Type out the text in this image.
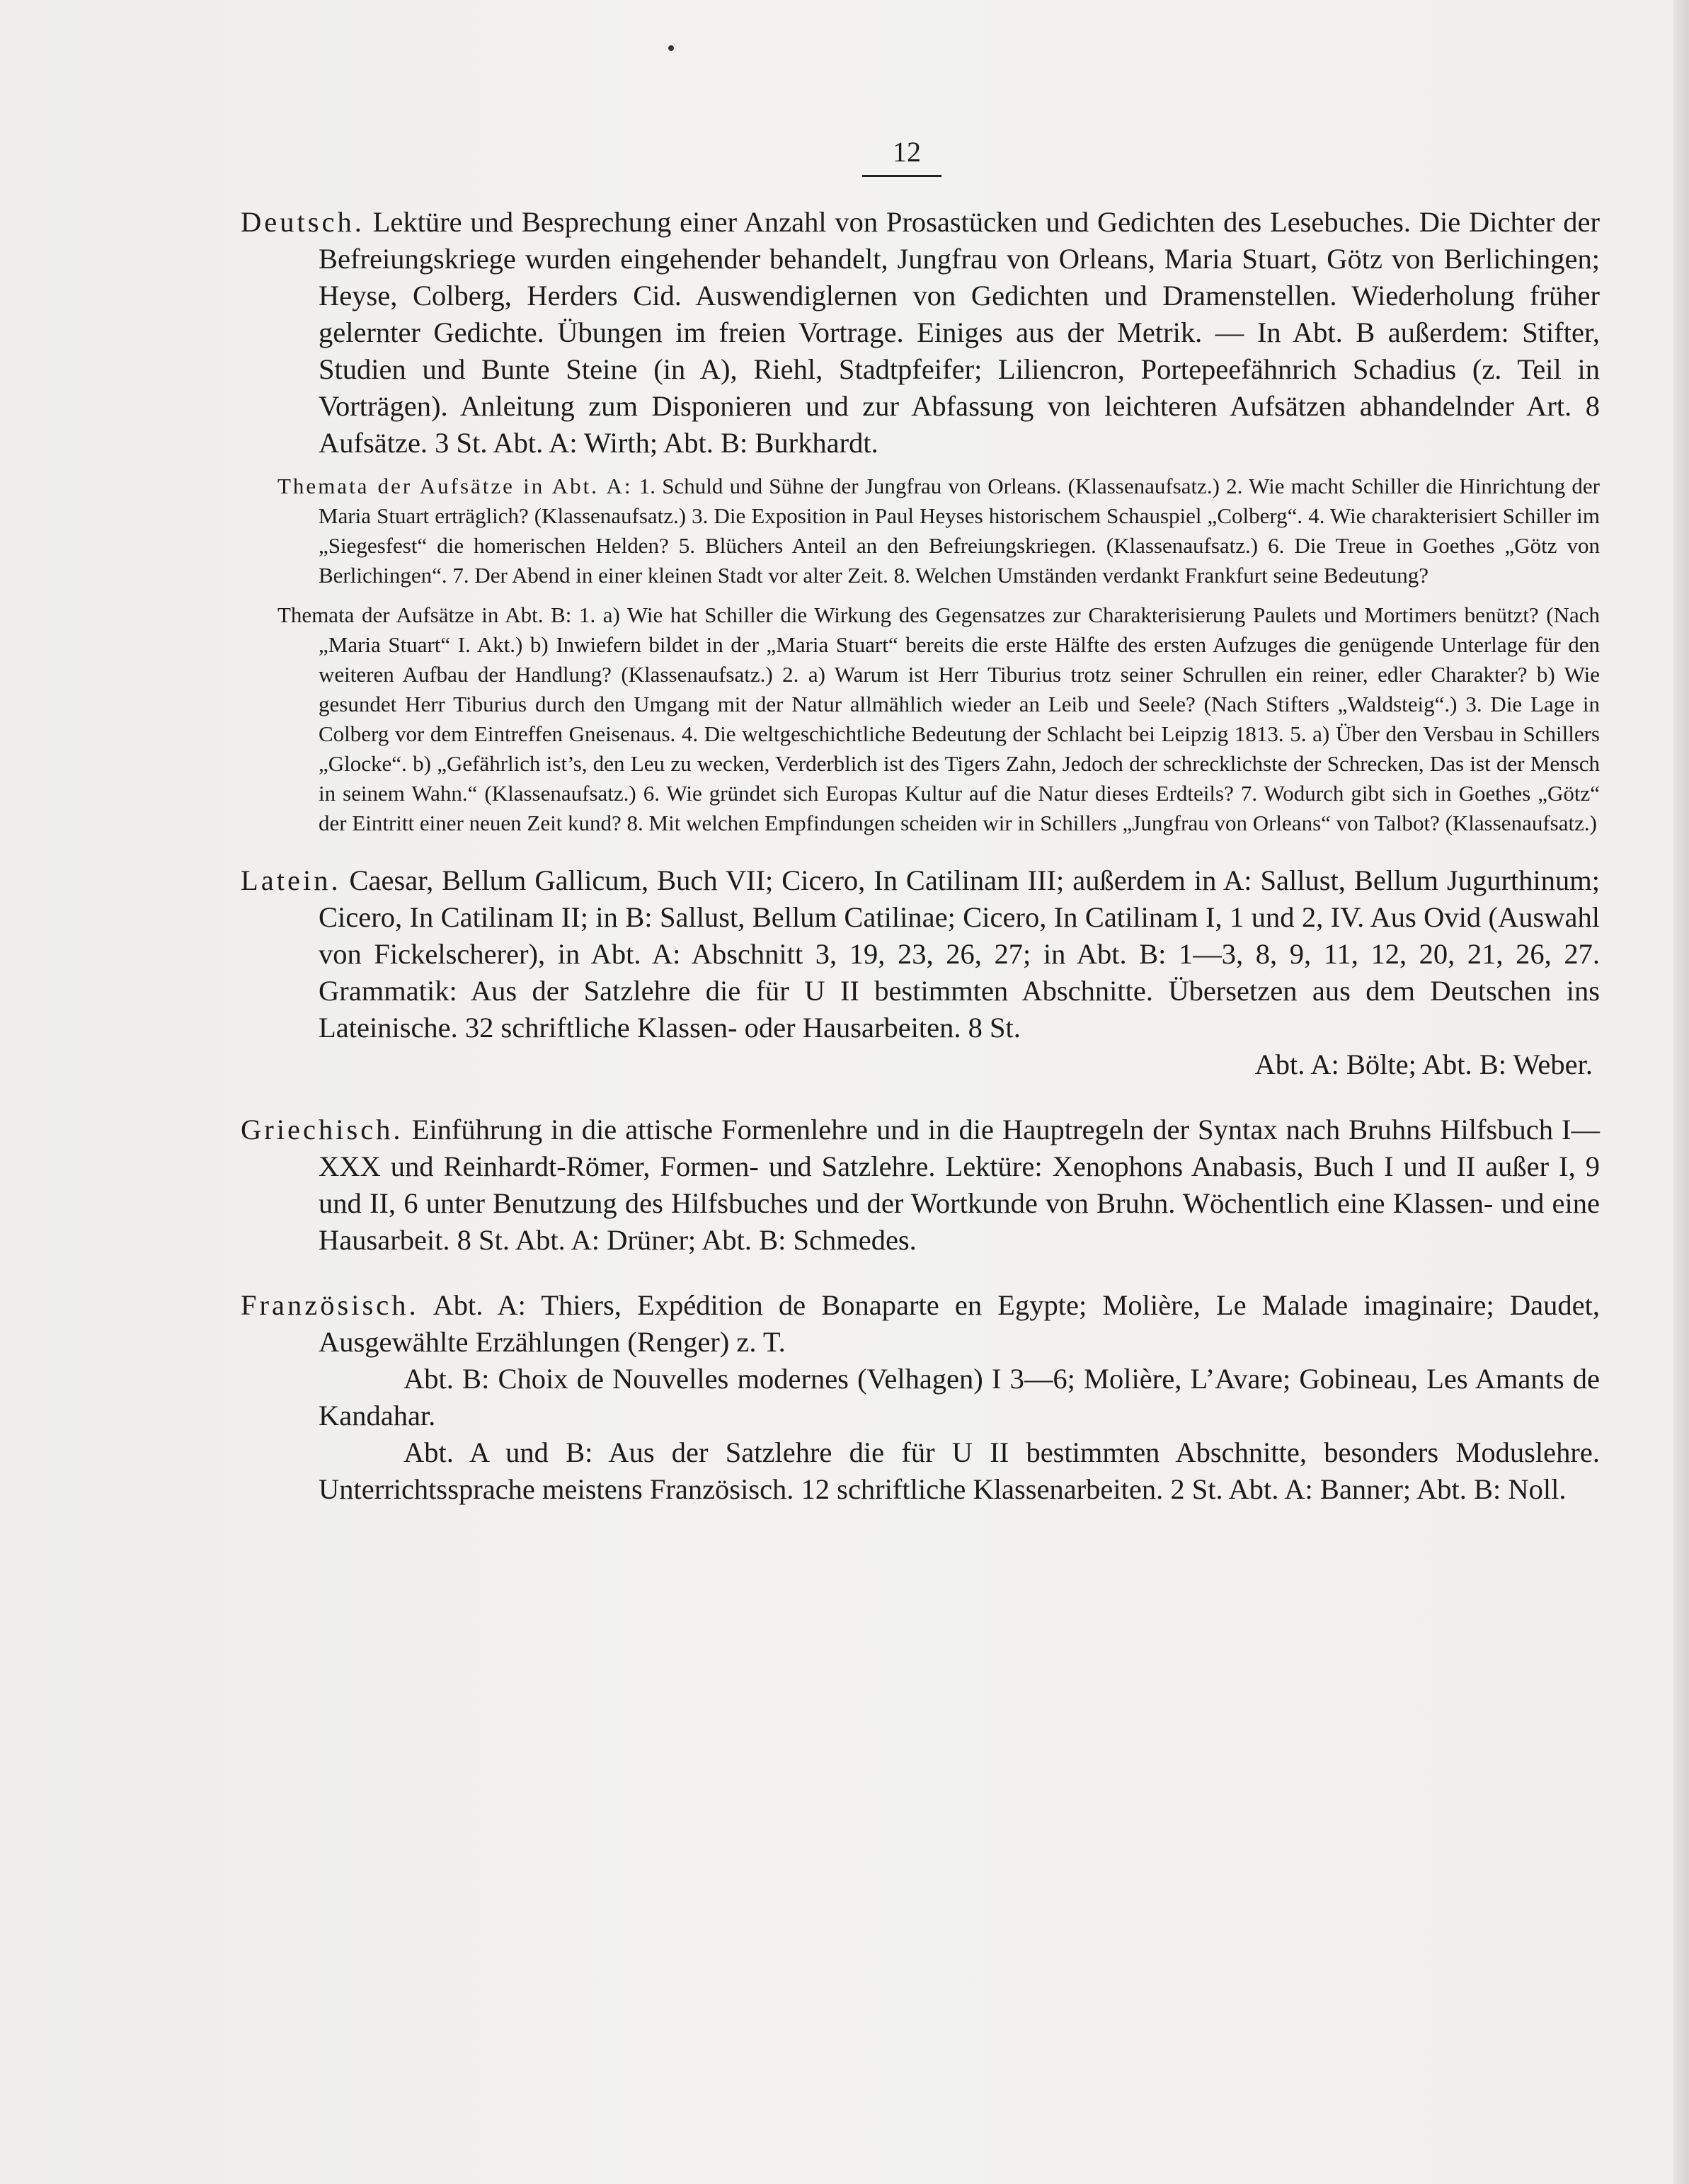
12

Deutsch. Lektüre und Besprechung einer Anzahl von Prosastücken und Gedichten des Lesebuches. Die Dichter der Befreiungskriege wurden eingehender behandelt, Jungfrau von Orleans, Maria Stuart, Götz von Berlichingen; Heyse, Colberg, Herders Cid. Auswendiglernen von Gedichten und Dramenstellen. Wiederholung früher gelernter Gedichte. Übungen im freien Vortrage. Einiges aus der Metrik. — In Abt. B außerdem: Stifter, Studien und Bunte Steine (in A), Riehl, Stadtpfeifer; Liliencron, Portepeefähnrich Schadius (z. Teil in Vorträgen). Anleitung zum Disponieren und zur Abfassung von leichteren Aufsätzen abhandelnder Art. 8 Aufsätze. 3 St. Abt. A: Wirth; Abt. B: Burkhardt.

Themata der Aufsätze in Abt. A: 1. Schuld und Sühne der Jungfrau von Orleans. (Klassenaufsatz.) 2. Wie macht Schiller die Hinrichtung der Maria Stuart erträglich? (Klassenaufsatz.) 3. Die Exposition in Paul Heyses historischem Schauspiel „Colberg“. 4. Wie charakterisiert Schiller im „Siegesfest“ die homerischen Helden? 5. Blüchers Anteil an den Befreiungskriegen. (Klassenaufsatz.) 6. Die Treue in Goethes „Götz von Berlichingen“. 7. Der Abend in einer kleinen Stadt vor alter Zeit. 8. Welchen Umständen verdankt Frankfurt seine Bedeutung?

Themata der Aufsätze in Abt. B: 1. a) Wie hat Schiller die Wirkung des Gegensatzes zur Charakterisierung Paulets und Mortimers benützt? (Nach „Maria Stuart“ I. Akt.) b) Inwiefern bildet in der „Maria Stuart“ bereits die erste Hälfte des ersten Aufzuges die genügende Unterlage für den weiteren Aufbau der Handlung? (Klassenaufsatz.) 2. a) Warum ist Herr Tiburius trotz seiner Schrullen ein reiner, edler Charakter? b) Wie gesundet Herr Tiburius durch den Umgang mit der Natur allmählich wieder an Leib und Seele? (Nach Stifters „Waldsteig“.) 3. Die Lage in Colberg vor dem Eintreffen Gneisenaus. 4. Die weltgeschichtliche Bedeutung der Schlacht bei Leipzig 1813. 5. a) Über den Versbau in Schillers „Glocke“. b) „Gefährlich ist’s, den Leu zu wecken, Verderblich ist des Tigers Zahn, Jedoch der schrecklichste der Schrecken, Das ist der Mensch in seinem Wahn.“ (Klassenaufsatz.) 6. Wie gründet sich Europas Kultur auf die Natur dieses Erdteils? 7. Wodurch gibt sich in Goethes „Götz“ der Eintritt einer neuen Zeit kund? 8. Mit welchen Empfindungen scheiden wir in Schillers „Jungfrau von Orleans“ von Talbot? (Klassenaufsatz.)

Latein. Caesar, Bellum Gallicum, Buch VII; Cicero, In Catilinam III; außerdem in A: Sallust, Bellum Jugurthinum; Cicero, In Catilinam II; in B: Sallust, Bellum Catilinae; Cicero, In Catilinam I, 1 und 2, IV. Aus Ovid (Auswahl von Fickelscherer), in Abt. A: Abschnitt 3, 19, 23, 26, 27; in Abt. B: 1—3, 8, 9, 11, 12, 20, 21, 26, 27. Grammatik: Aus der Satzlehre die für U II bestimmten Abschnitte. Übersetzen aus dem Deutschen ins Lateinische. 32 schriftliche Klassen- oder Hausarbeiten. 8 St.

Abt. A: Bölte; Abt. B: Weber.

Griechisch. Einführung in die attische Formenlehre und in die Hauptregeln der Syntax nach Bruhns Hilfsbuch I—XXX und Reinhardt-Römer, Formen- und Satzlehre. Lektüre: Xenophons Anabasis, Buch I und II außer I, 9 und II, 6 unter Benutzung des Hilfsbuches und der Wortkunde von Bruhn. Wöchentlich eine Klassen- und eine Hausarbeit. 8 St. Abt. A: Drüner; Abt. B: Schmedes.

Französisch. Abt. A: Thiers, Expédition de Bonaparte en Egypte; Molière, Le Malade imaginaire; Daudet, Ausgewählte Erzählungen (Renger) z. T.

Abt. B: Choix de Nouvelles modernes (Velhagen) I 3—6; Molière, L’Avare; Gobineau, Les Amants de Kandahar.

Abt. A und B: Aus der Satzlehre die für U II bestimmten Abschnitte, besonders Moduslehre. Unterrichtssprache meistens Französisch. 12 schriftliche Klassenarbeiten. 2 St. Abt. A: Banner; Abt. B: Noll.
